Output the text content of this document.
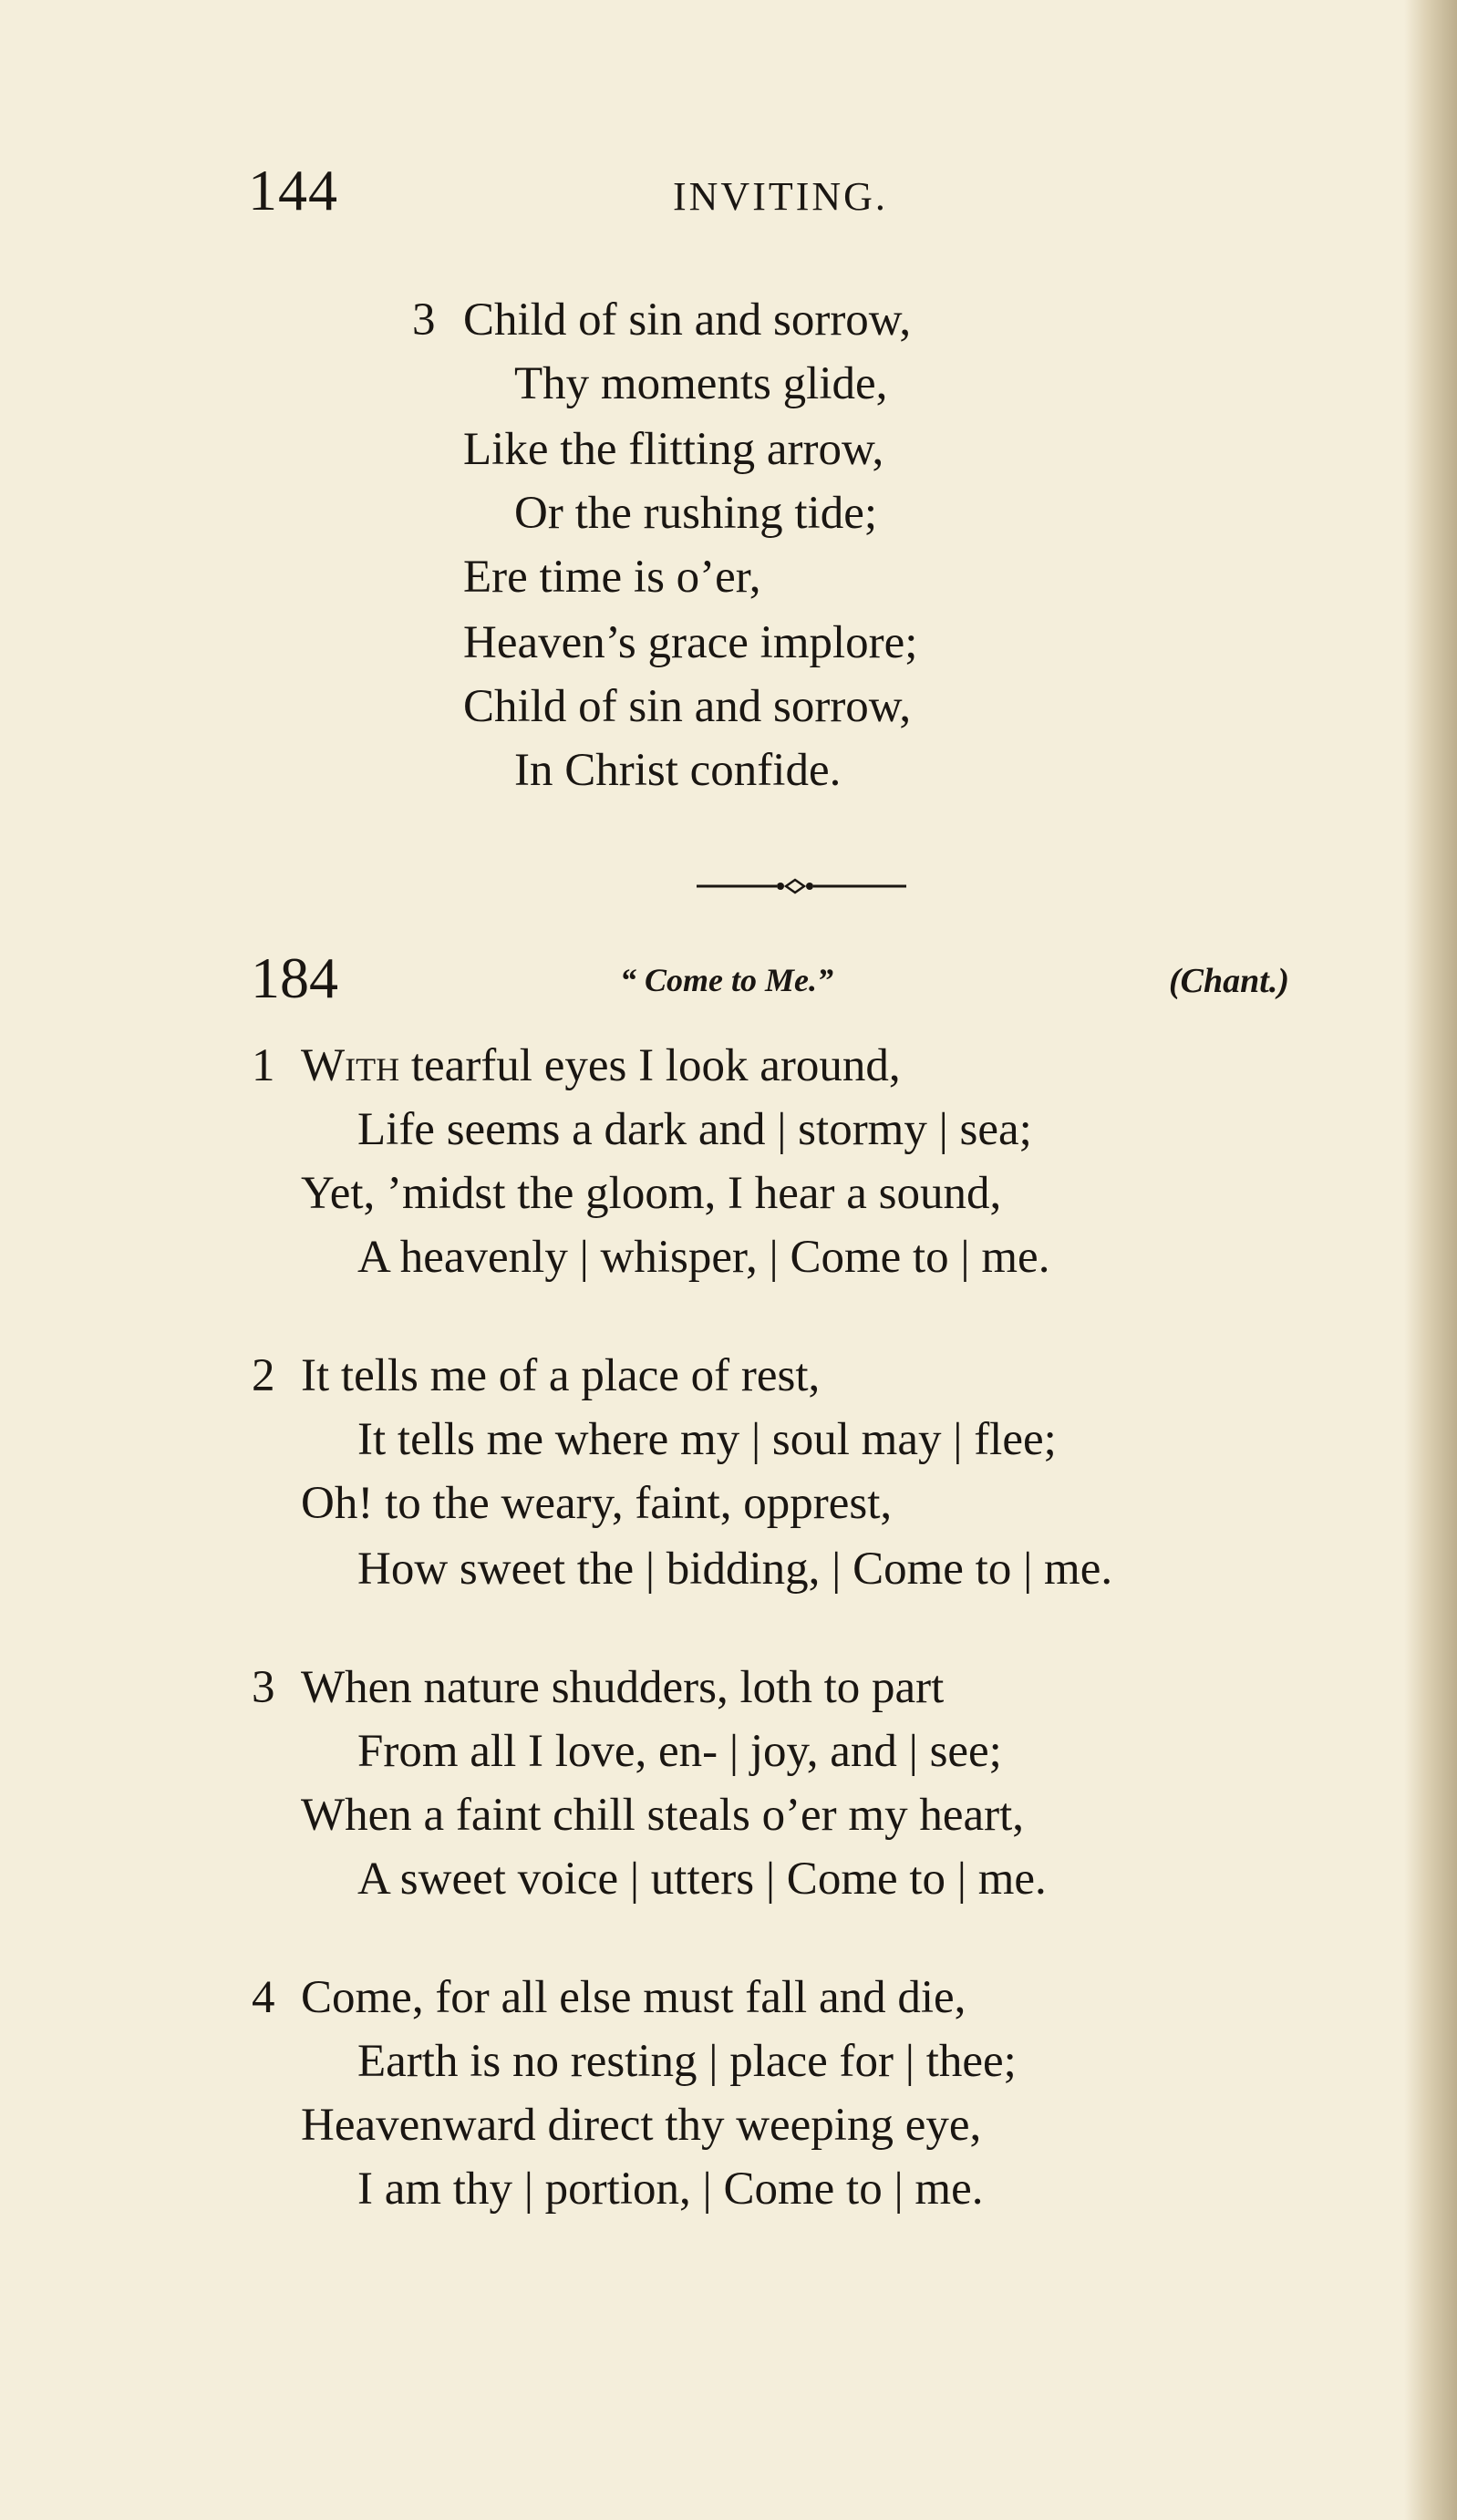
144	INVITING.
3 Child of sin and sorrow,
Thy moments glide,
Like the flitting arrow,
Or the rushing tide;
Ere time is o’er,
Heaven’s grace implore;
Child of sin and sorrow,
In Christ confide.
184	“ Come to Me.”	(Chant.)
1 With tearful eyes I look around,
Life seems a dark and | stormy | sea;
Yet, ’midst the gloom, I hear a sound,
A heavenly | whisper, | Come to | me.
2 It tells me of a place of rest,
It tells me where my | soul may | flee;
Oh! to the weary, faint, opprest,
How sweet the | bidding, | Come to | me.
3 When nature shudders, loth to part
From all I love, en- | joy, and | see;
When a faint chill steals o’er my heart,
A sweet voice | utters | Come to | me.
4 Come, for all else must fall and die,
Earth is no resting | place for | thee;
Heavenward direct thy weeping eye,
I am thy | portion, | Come to | me.
